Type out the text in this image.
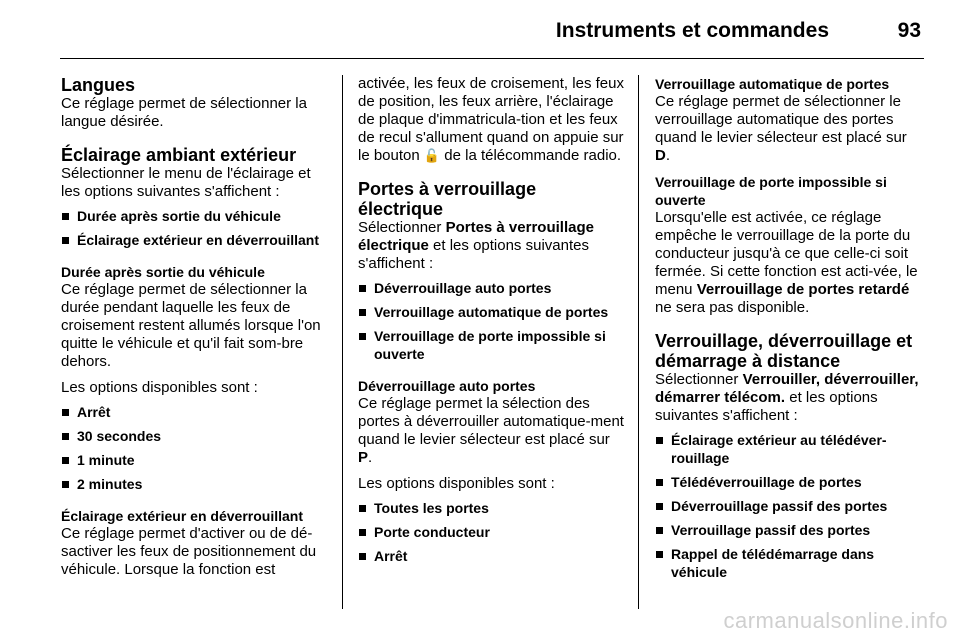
Instruments et commandes	93
Langues

Ce réglage permet de sélectionner la langue désirée.

Éclairage ambiant extérieur

Sélectionner le menu de l'éclairage et les options suivantes s'affichent :

Durée après sortie du véhicule
Éclairage extérieur en déverrouillant
Durée après sortie du véhicule

Ce réglage permet de sélectionner la durée pendant laquelle les feux de croisement restent allumés lorsque l'on quitte le véhicule et qu'il fait som-bre dehors.

Les options disponibles sont :

Arrêt
30 secondes
1 minute
2 minutes
Éclairage extérieur en déverrouillant

Ce réglage permet d'activer ou de dé-sactiver les feux de positionnement du véhicule. Lorsque la fonction est

activée, les feux de croisement, les feux de position, les feux arrière, l'éclairage de plaque d'immatricula-tion et les feux de recul s'allument quand on appuie sur le bouton 🔓 de la télécommande radio.

Portes à verrouillage électrique

Sélectionner Portes à verrouillage électrique et les options suivantes s'affichent :

Déverrouillage auto portes
Verrouillage automatique de portes
Verrouillage de porte impossible si ouverte
Déverrouillage auto portes

Ce réglage permet la sélection des portes à déverrouiller automatique-ment quand le levier sélecteur est placé sur P.

Les options disponibles sont :

Toutes les portes
Porte conducteur
Arrêt
Verrouillage automatique de portes

Ce réglage permet de sélectionner le verrouillage automatique des portes quand le levier sélecteur est placé sur D.

Verrouillage de porte impossible si ouverte

Lorsqu'elle est activée, ce réglage empêche le verrouillage de la porte du conducteur jusqu'à ce que celle-ci soit fermée. Si cette fonction est acti-vée, le menu Verrouillage de portes retardé ne sera pas disponible.

Verrouillage, déverrouillage et démarrage à distance

Sélectionner Verrouiller, déverrouiller, démarrer télécom. et les options suivantes s'affichent :

Éclairage extérieur au télédéver-rouillage
Télédéverrouillage de portes
Déverrouillage passif des portes
Verrouillage passif des portes
Rappel de télédémarrage dans véhicule
carmanualsonline.info
